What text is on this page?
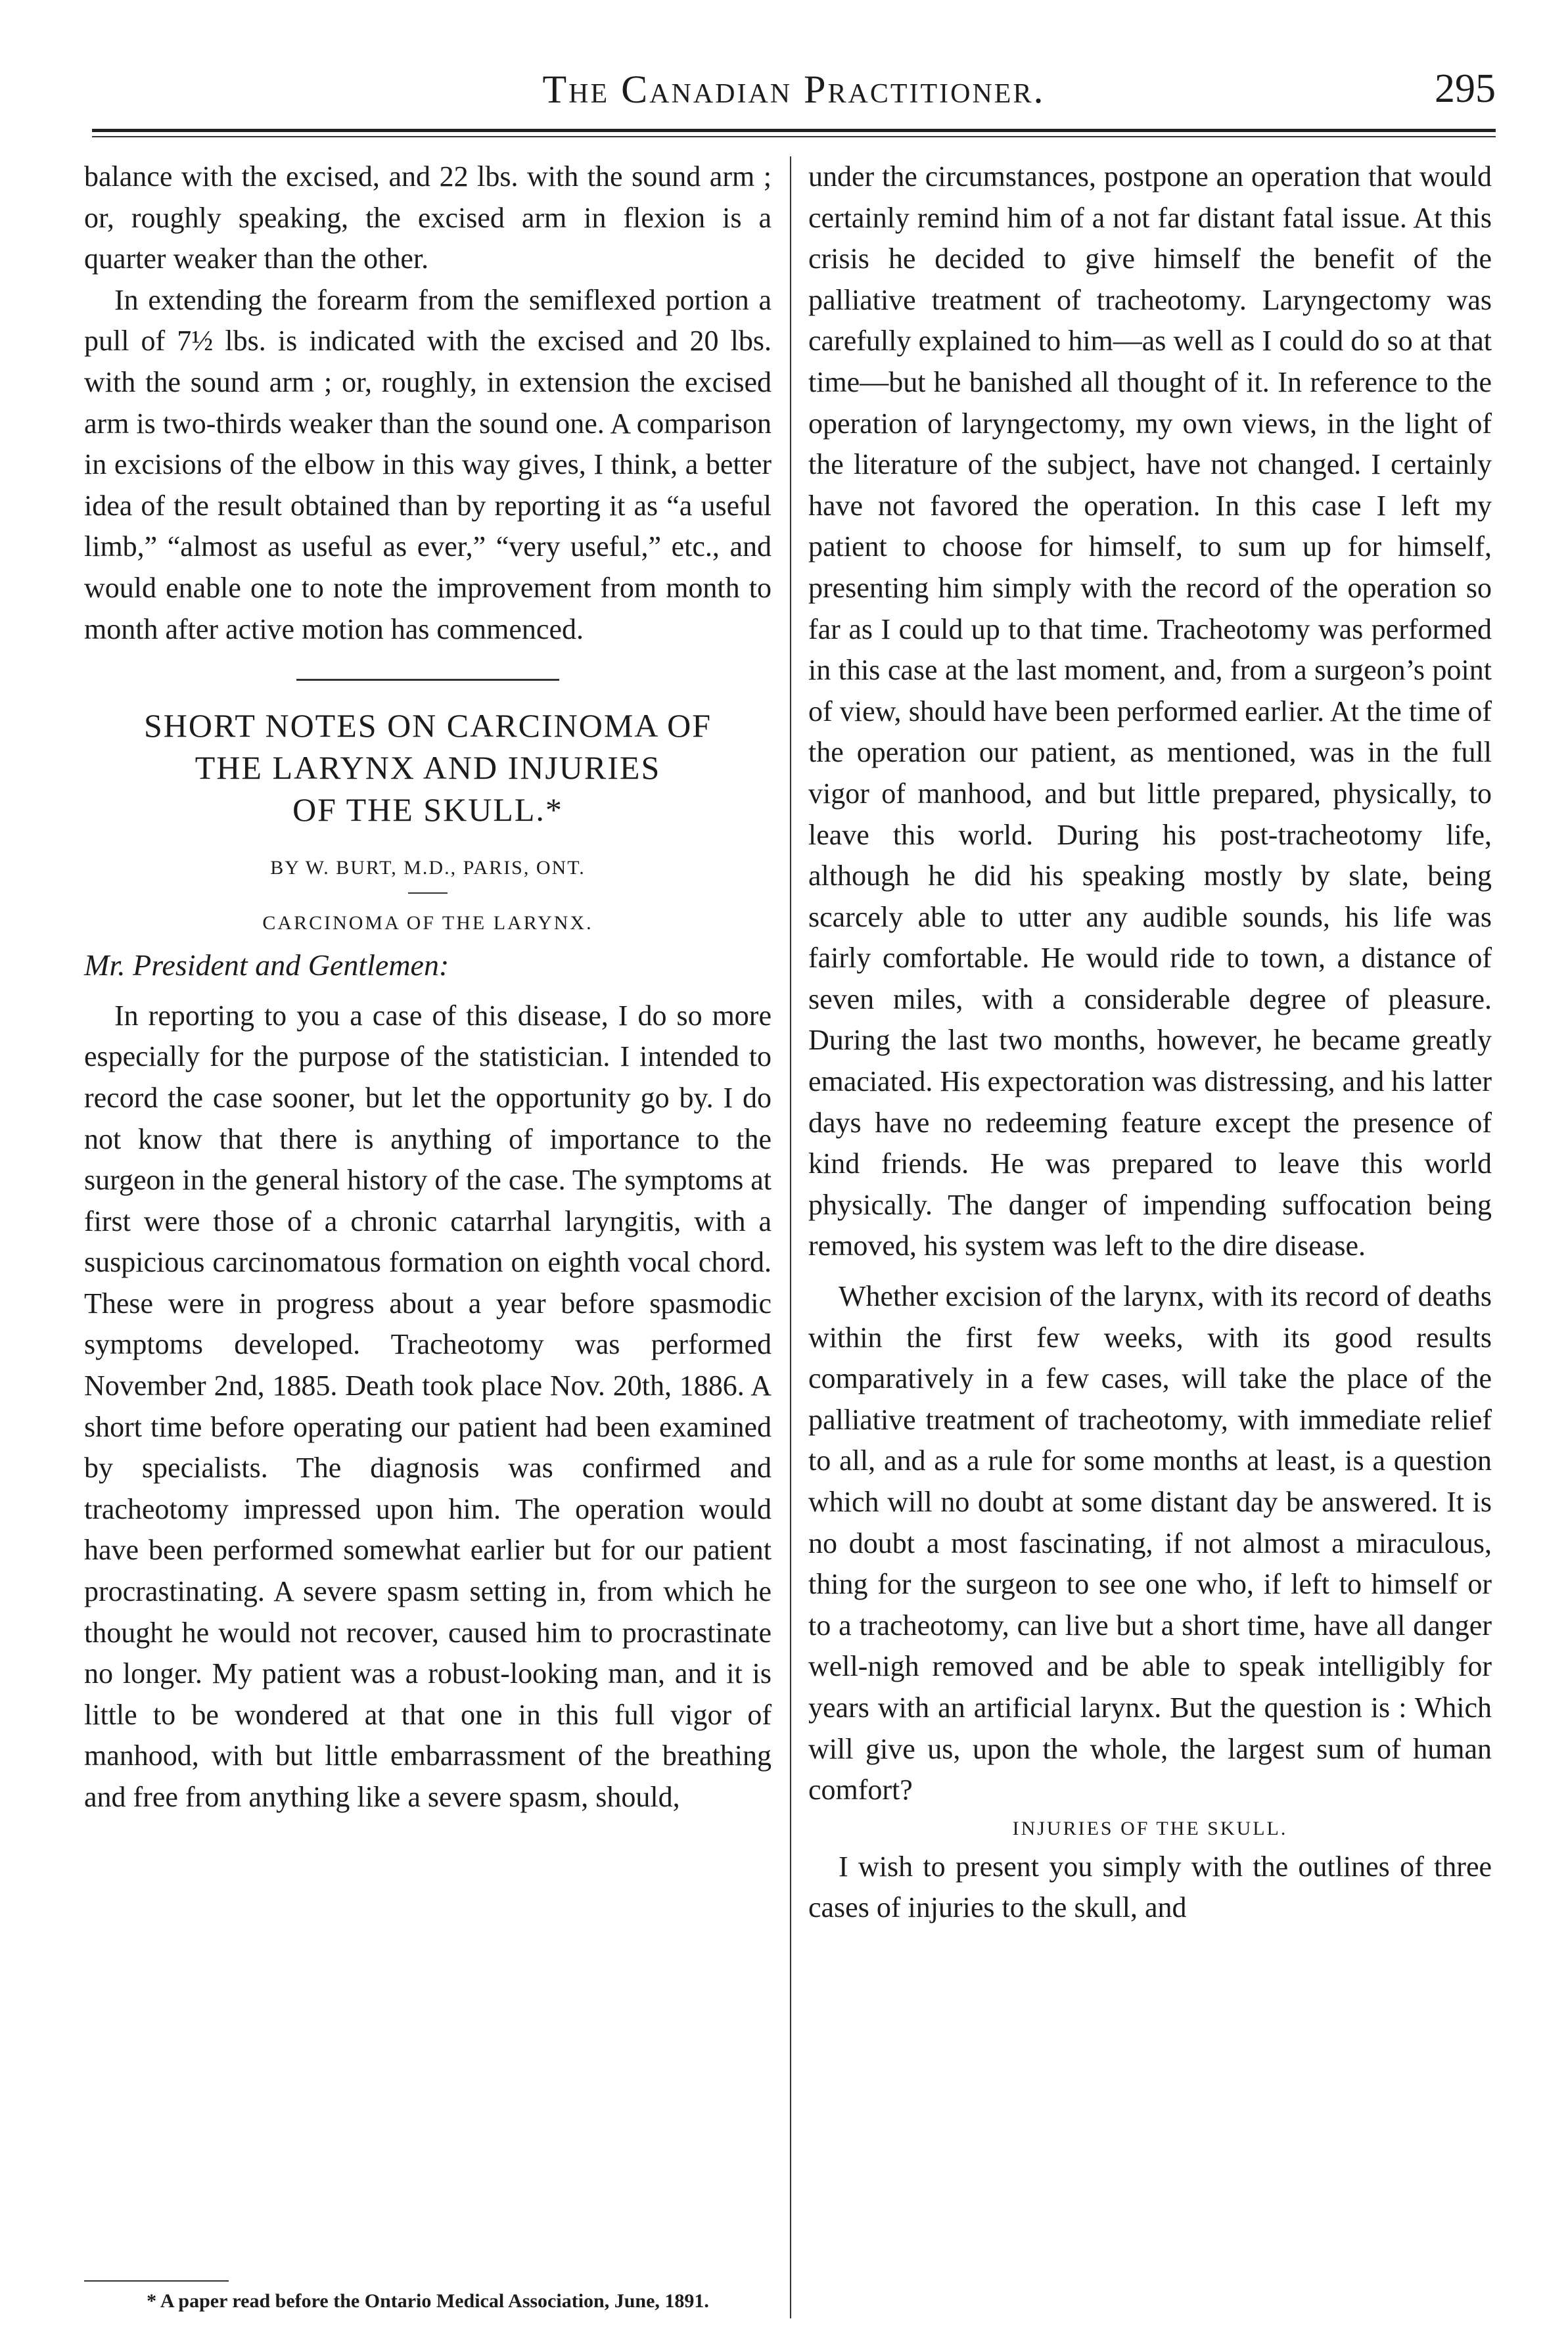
The Canadian Practitioner.	295

balance with the excised, and 22 lbs. with the sound arm ; or, roughly speaking, the excised arm in flexion is a quarter weaker than the other.

In extending the forearm from the semiflexed portion a pull of 7½ lbs. is indicated with the excised and 20 lbs. with the sound arm ; or, roughly, in extension the excised arm is two-thirds weaker than the sound one. A comparison in excisions of the elbow in this way gives, I think, a better idea of the result obtained than by reporting it as “a useful limb,” “almost as useful as ever,” “very useful,” etc., and would enable one to note the improvement from month to month after active motion has commenced.

SHORT NOTES ON CARCINOMA OF
THE LARYNX AND INJURIES
OF THE SKULL.*

BY W. BURT, M.D., PARIS, ONT.

CARCINOMA OF THE LARYNX.

Mr. President and Gentlemen:

In reporting to you a case of this disease, I do so more especially for the purpose of the statistician. I intended to record the case sooner, but let the opportunity go by. I do not know that there is anything of importance to the surgeon in the general history of the case. The symptoms at first were those of a chronic catarrhal laryngitis, with a suspicious carcinomatous formation on eighth vocal chord. These were in progress about a year before spasmodic symptoms developed. Tracheotomy was performed November 2nd, 1885. Death took place Nov. 20th, 1886. A short time before operating our patient had been examined by specialists. The diagnosis was confirmed and tracheotomy impressed upon him. The operation would have been performed somewhat earlier but for our patient procrastinating. A severe spasm setting in, from which he thought he would not recover, caused him to procrastinate no longer. My patient was a robust-looking man, and it is little to be wondered at that one in this full vigor of manhood, with but little embarrassment of the breathing and free from anything like a severe spasm, should,

under the circumstances, postpone an operation that would certainly remind him of a not far distant fatal issue. At this crisis he decided to give himself the benefit of the palliative treatment of tracheotomy. Laryngectomy was carefully explained to him—as well as I could do so at that time—but he banished all thought of it. In reference to the operation of laryngectomy, my own views, in the light of the literature of the subject, have not changed. I certainly have not favored the operation. In this case I left my patient to choose for himself, to sum up for himself, presenting him simply with the record of the operation so far as I could up to that time. Tracheotomy was performed in this case at the last moment, and, from a surgeon’s point of view, should have been performed earlier. At the time of the operation our patient, as mentioned, was in the full vigor of manhood, and but little prepared, physically, to leave this world. During his post-tracheotomy life, although he did his speaking mostly by slate, being scarcely able to utter any audible sounds, his life was fairly comfortable. He would ride to town, a distance of seven miles, with a considerable degree of pleasure. During the last two months, however, he became greatly emaciated. His expectoration was distressing, and his latter days have no redeeming feature except the presence of kind friends. He was prepared to leave this world physically. The danger of impending suffocation being removed, his system was left to the dire disease.

Whether excision of the larynx, with its record of deaths within the first few weeks, with its good results comparatively in a few cases, will take the place of the palliative treatment of tracheotomy, with immediate relief to all, and as a rule for some months at least, is a question which will no doubt at some distant day be answered. It is no doubt a most fascinating, if not almost a miraculous, thing for the surgeon to see one who, if left to himself or to a tracheotomy, can live but a short time, have all danger well-nigh removed and be able to speak intelligibly for years with an artificial larynx. But the question is : Which will give us, upon the whole, the largest sum of human comfort?

INJURIES OF THE SKULL.

I wish to present you simply with the outlines of three cases of injuries to the skull, and

* A paper read before the Ontario Medical Association, June, 1891.
